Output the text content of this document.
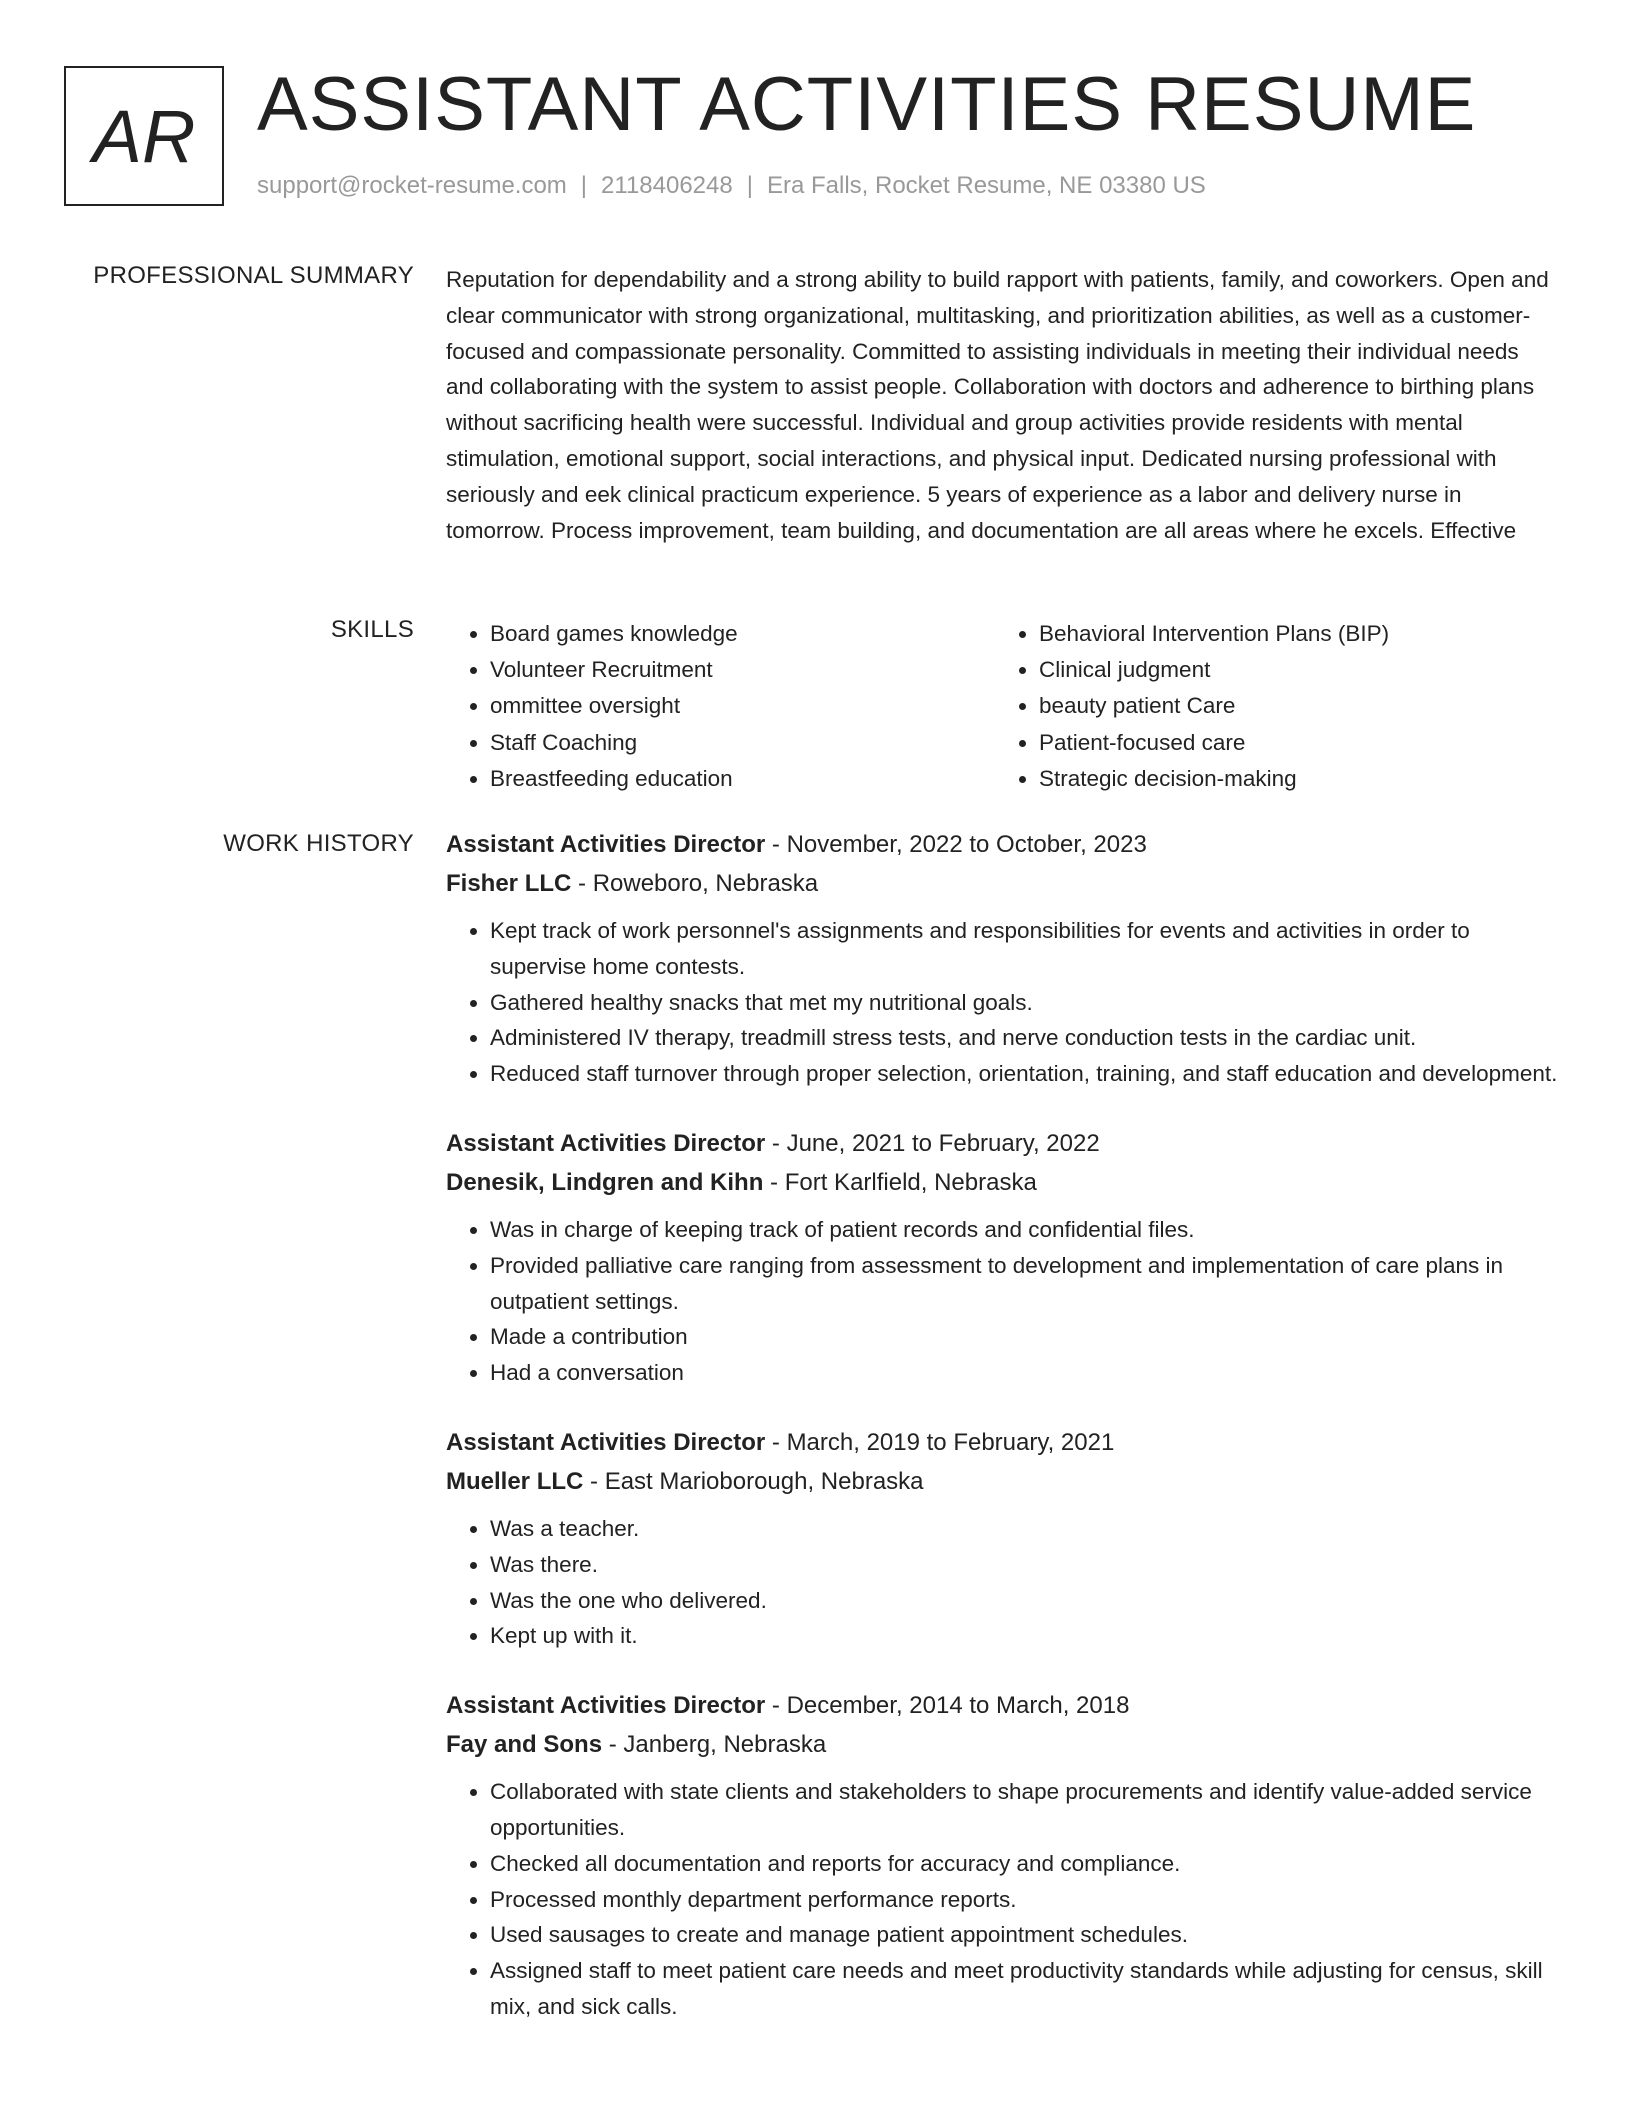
AR ASSISTANT ACTIVITIES RESUME
support@rocket-resume.com | 2118406248 | Era Falls, Rocket Resume, NE 03380 US
PROFESSIONAL SUMMARY Reputation for dependability and a strong ability to build rapport with patients, family, and coworkers. Open and clear communicator with strong organizational, multitasking, and prioritization abilities, as well as a customer-focused and compassionate personality. Committed to assisting individuals in meeting their individual needs and collaborating with the system to assist people. Collaboration with doctors and adherence to birthing plans without sacrificing health were successful. Individual and group activities provide residents with mental stimulation, emotional support, social interactions, and physical input. Dedicated nursing professional with seriously and eek clinical practicum experience. 5 years of experience as a labor and delivery nurse in tomorrow. Process improvement, team building, and documentation are all areas where he excels. Effective

SKILLS
•	Board games knowledge
• Volunteer Recruitment
• ommittee oversight
• Staff Coaching
• Breastfeeding education
• Behavioral Intervention Plans (BIP)
• Clinical judgment
• beauty patient Care
• Patient-focused care
• Strategic decision-making
WORK HISTORY Assistant Activities Director - November, 2022 to October, 2023
Fisher LLC - Roweboro, Nebraska
• Kept track of work personnel's assignments and responsibilities for events and activities in order to supervise home contests.
• Gathered healthy snacks that met my nutritional goals.
• Administered IV therapy, treadmill stress tests, and nerve conduction tests in the cardiac unit.
• Reduced staff turnover through proper selection, orientation, training, and staff education and development.
Assistant Activities Director - June, 2021 to February, 2022
Denesik, Lindgren and Kihn - Fort Karlfield, Nebraska
• Was in charge of keeping track of patient records and confidential files.
• Provided palliative care ranging from assessment to development and implementation of care plans in outpatient settings.
• Made a contribution
• Had a conversation
Assistant Activities Director - March, 2019 to February, 2021
Mueller LLC - East Marioborough, Nebraska
• Was a teacher.
• Was there.
• Was the one who delivered.
• Kept up with it.
Assistant Activities Director - December, 2014 to March, 2018
Fay and Sons - Janberg, Nebraska
• Collaborated with state clients and stakeholders to shape procurements and identify value-added service opportunities.
• Checked all documentation and reports for accuracy and compliance.
• Processed monthly department performance reports.
• Used sausages to create and manage patient appointment schedules.
• Assigned staff to meet patient care needs and meet productivity standards while adjusting for census, skill mix, and sick calls.
